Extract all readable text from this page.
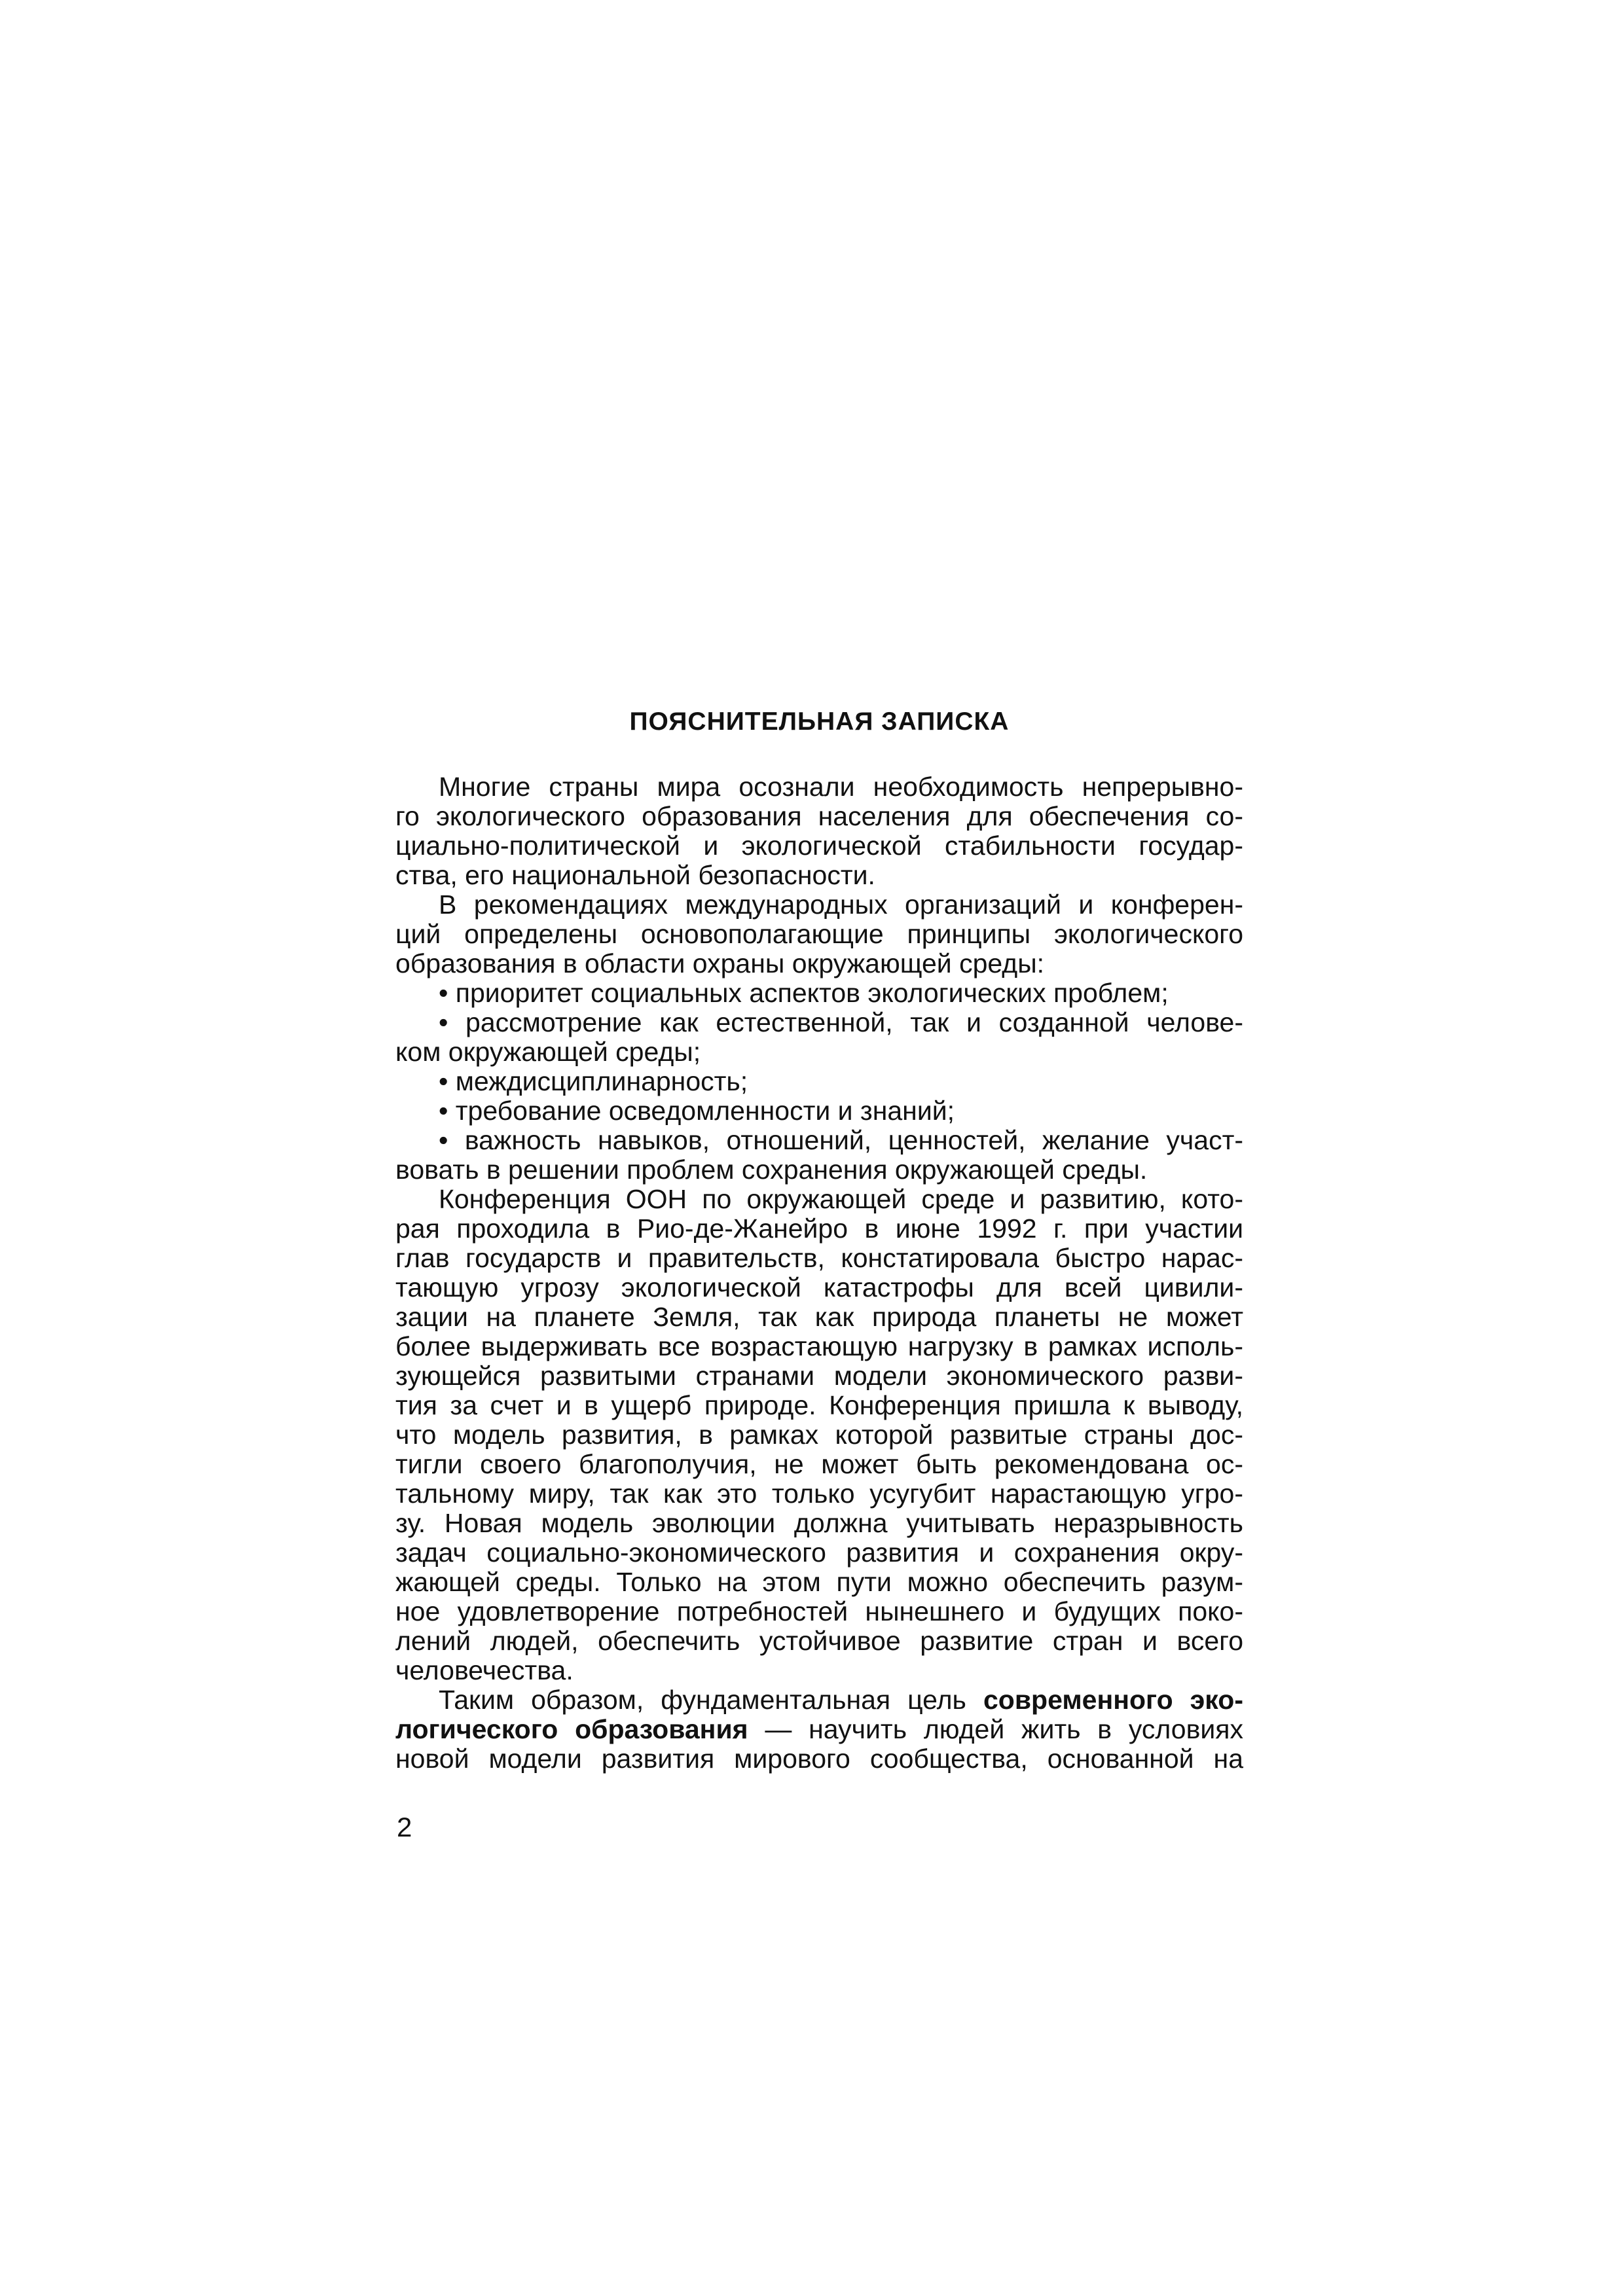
ПОЯСНИТЕЛЬНАЯ ЗАПИСКА
Многие страны мира осознали необходимость непрерывно-
го экологического образования населения для обеспечения со-
циально-политической и экологической стабильности государ-
ства, его национальной безопасности.
В рекомендациях международных организаций и конферен-
ций определены основополагающие принципы экологического
образования в области охраны окружающей среды:
• приоритет социальных аспектов экологических проблем;
• рассмотрение как естественной, так и созданной челове-
ком окружающей среды;
• междисциплинарность;
• требование осведомленности и знаний;
• важность навыков, отношений, ценностей, желание участ-
вовать в решении проблем сохранения окружающей среды.
Конференция ООН по окружающей среде и развитию, кото-
рая проходила в Рио-де-Жанейро в июне 1992 г. при участии
глав государств и правительств, констатировала быстро нарас-
тающую угрозу экологической катастрофы для всей цивили-
зации на планете Земля, так как природа планеты не может
более выдерживать все возрастающую нагрузку в рамках исполь-
зующейся развитыми странами модели экономического разви-
тия за счет и в ущерб природе. Конференция пришла к выводу,
что модель развития, в рамках которой развитые страны дос-
тигли своего благополучия, не может быть рекомендована ос-
тальному миру, так как это только усугубит нарастающую угро-
зу. Новая модель эволюции должна учитывать неразрывность
задач социально-экономического развития и сохранения окру-
жающей среды. Только на этом пути можно обеспечить разум-
ное удовлетворение потребностей нынешнего и будущих поко-
лений людей, обеспечить устойчивое развитие стран и всего
человечества.
Таким образом, фундаментальная цель современного эко-
логического образования — научить людей жить в условиях
новой модели развития мирового сообщества, основанной на
2
